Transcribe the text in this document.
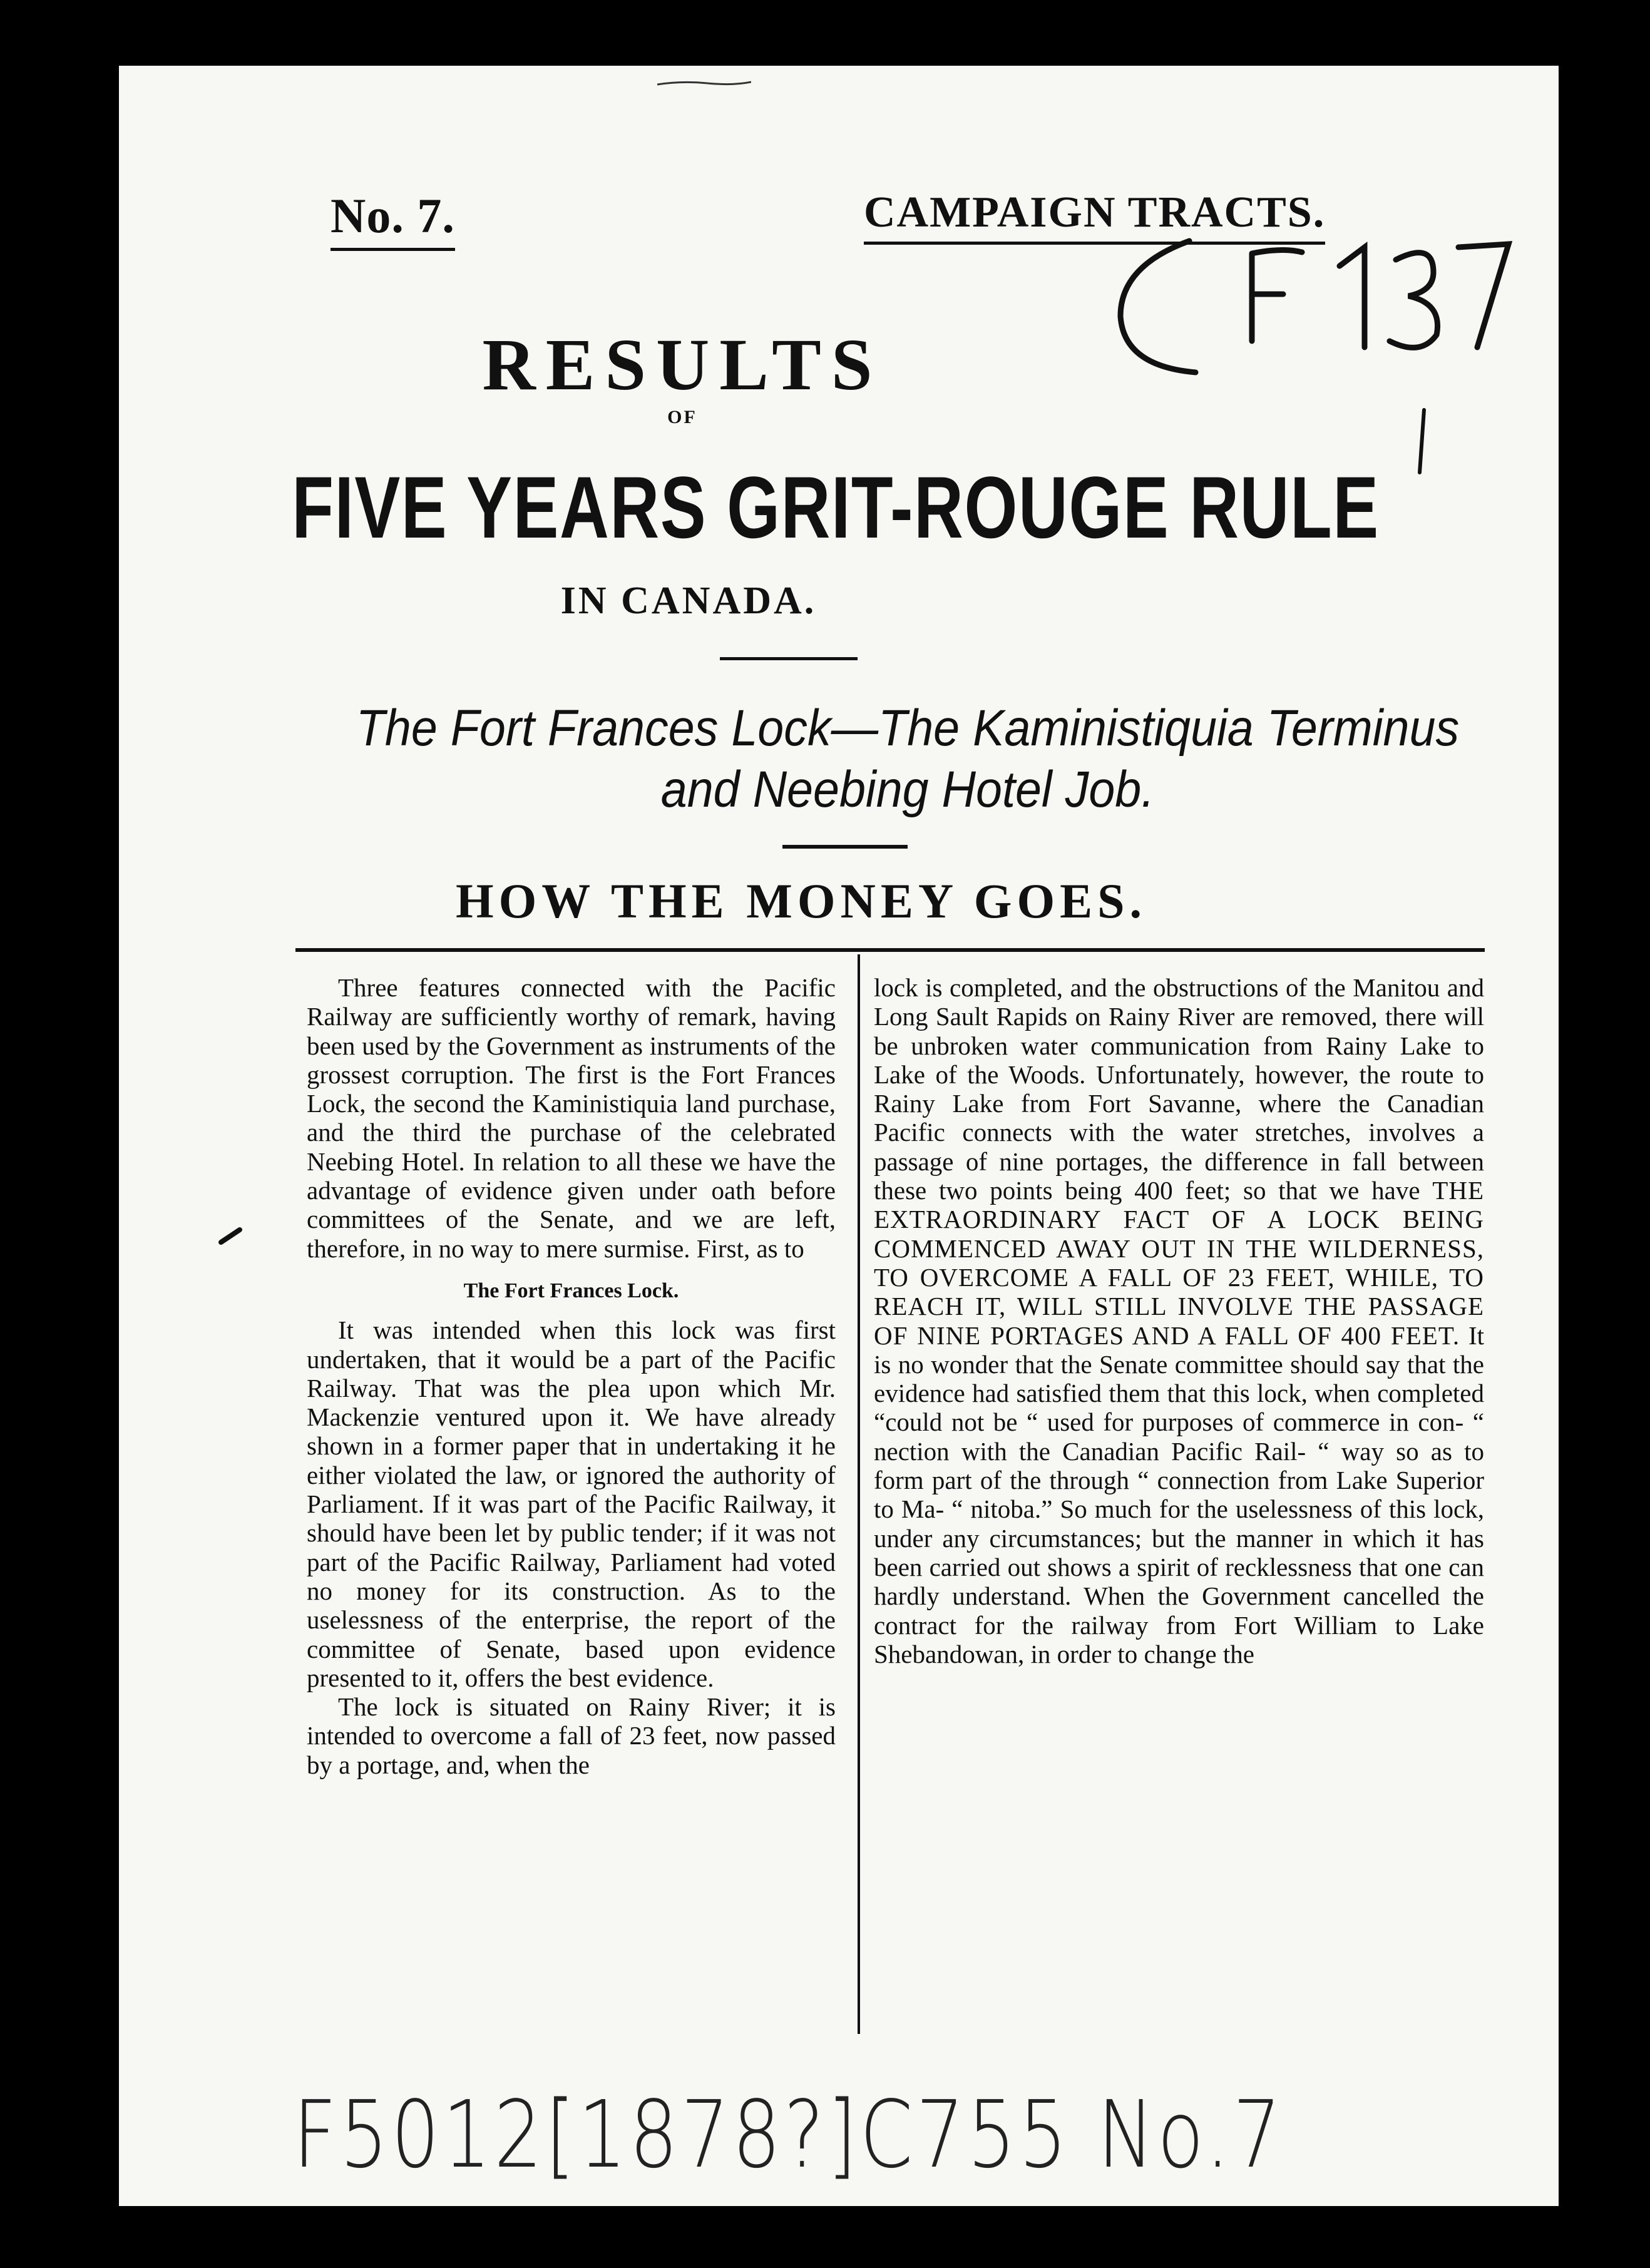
No. 7.	CAMPAIGN TRACTS.
RESULTS
OF
FIVE YEARS GRIT-ROUGE RULE
IN CANADA.
The Fort Frances Lock—The Kaministiquia Terminus
and Neebing Hotel Job.
HOW THE MONEY GOES.

Three features connected with the Pacific Railway are sufficiently worthy of remark, having been used by the Government as instruments of the grossest corruption. The first is the Fort Frances Lock, the second the Kaministiquia land purchase, and the third the purchase of the celebrated Neebing Hotel. In relation to all these we have the advantage of evidence given under oath before committees of the Senate, and we are left, therefore, in no way to mere surmise. First, as to

The Fort Frances Lock.

It was intended when this lock was first undertaken, that it would be a part of the Pacific Railway. That was the plea upon which Mr. Mackenzie ventured upon it. We have already shown in a former paper that in undertaking it he either violated the law, or ignored the authority of Parliament. If it was part of the Pacific Railway, it should have been let by public tender; if it was not part of the Pacific Railway, Parliament had voted no money for its construction. As to the uselessness of the enterprise, the report of the committee of Senate, based upon evidence presented to it, offers the best evidence.

The lock is situated on Rainy River; it is intended to overcome a fall of 23 feet, now passed by a portage, and, when the

lock is completed, and the obstructions of the Manitou and Long Sault Rapids on Rainy River are removed, there will be unbroken water communication from Rainy Lake to Lake of the Woods. Unfortunately, however, the route to Rainy Lake from Fort Savanne, where the Canadian Pacific connects with the water stretches, involves a passage of nine portages, the difference in fall between these two points being 400 feet; so that we have THE EXTRAORDINARY FACT OF A LOCK BEING COMMENCED AWAY OUT IN THE WILDERNESS, TO OVERCOME A FALL OF 23 FEET, WHILE, TO REACH IT, WILL STILL INVOLVE THE PASSAGE OF NINE PORTAGES AND A FALL OF 400 FEET. It is no wonder that the Senate committee should say that the evidence had satisfied them that this lock, when completed “could not be “ used for purposes of commerce in con- “ nection with the Canadian Pacific Rail- “ way so as to form part of the through “ connection from Lake Superior to Ma- “ nitoba.” So much for the uselessness of this lock, under any circumstances; but the manner in which it has been carried out shows a spirit of recklessness that one can hardly understand. When the Government cancelled the contract for the railway from Fort William to Lake Shebandowan, in order to change the

F5012[1878?]C755 No.7
